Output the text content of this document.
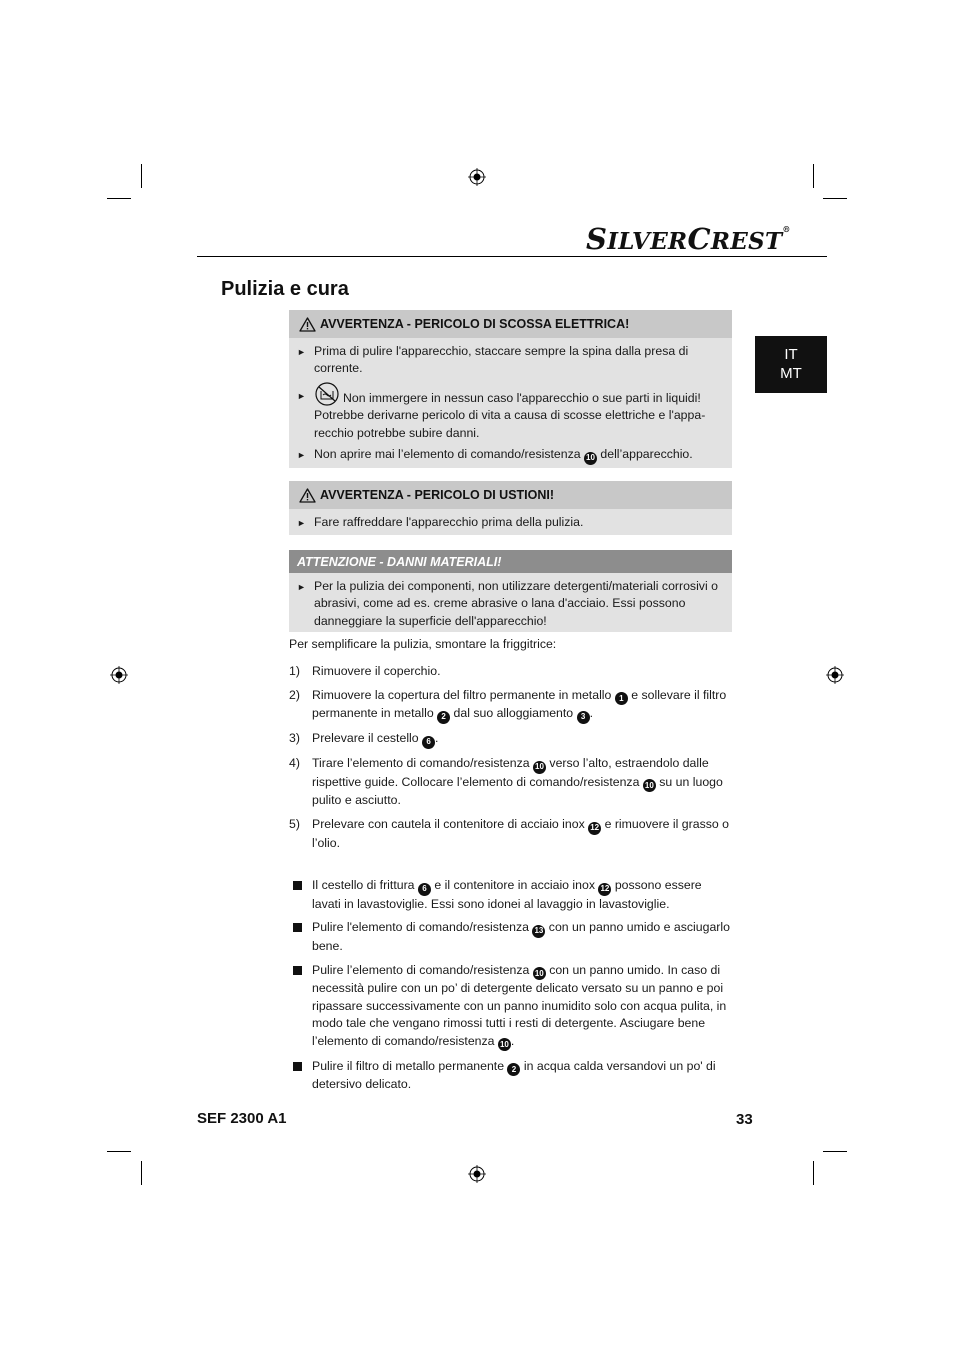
SILVERCREST®
Pulizia e cura
IT
MT
AVVERTENZA - PERICOLO DI SCOSSA ELETTRICA!
► Prima di pulire l'apparecchio, staccare sempre la spina dalla presa di corrente.
►	Non immergere in nessun caso l'apparecchio o sue parti in liquidi! Potrebbe derivarne pericolo di vita a causa di scosse elettriche e l'apparecchio potrebbe subire danni.
► Non aprire mai l’elemento di comando/resistenza 10 dell’apparecchio.
AVVERTENZA - PERICOLO DI USTIONI!
► Fare raffreddare l'apparecchio prima della pulizia.
ATTENZIONE - DANNI MATERIALI!
► Per la pulizia dei componenti, non utilizzare detergenti/materiali corrosivi o abrasivi, come ad es. creme abrasive o lana d'acciaio. Essi possono danneggiare la superficie dell'apparecchio!

Per semplificare la pulizia, smontare la friggitrice:

1) Rimuovere il coperchio.
2) Rimuovere la copertura del filtro permanente in metallo 1 e sollevare il filtro permanente in metallo 2 dal suo alloggiamento 3 .
3) Prelevare il cestello 6 .
4) Tirare l’elemento di comando/resistenza 10 verso l’alto, estraendolo dalle rispettive guide. Collocare l’elemento di comando/resistenza 10 su un luogo pulito e asciutto.
5) Prelevare con cautela il contenitore di acciaio inox 12 e rimuovere il grasso o l’olio.
Il cestello di frittura 6 e il contenitore in acciaio inox 12 possono essere lavati in lavastoviglie. Essi sono idonei al lavaggio in lavastoviglie.
Pulire l'elemento di comando/resistenza 13 con un panno umido e asciugarlo bene.
Pulire l’elemento di comando/resistenza 10 con un panno umido. In caso di necessità pulire con un po’ di detergente delicato versato su un panno e poi ripassare successivamente con un panno inumidito solo con acqua pulita, in modo tale che vengano rimossi tutti i resti di detergente. Asciugare bene l’elemento di comando/resistenza 10 .
Pulire il filtro di metallo permanente 2 in acqua calda versandovi un po' di detersivo delicato.
SEF 2300 A1	33
